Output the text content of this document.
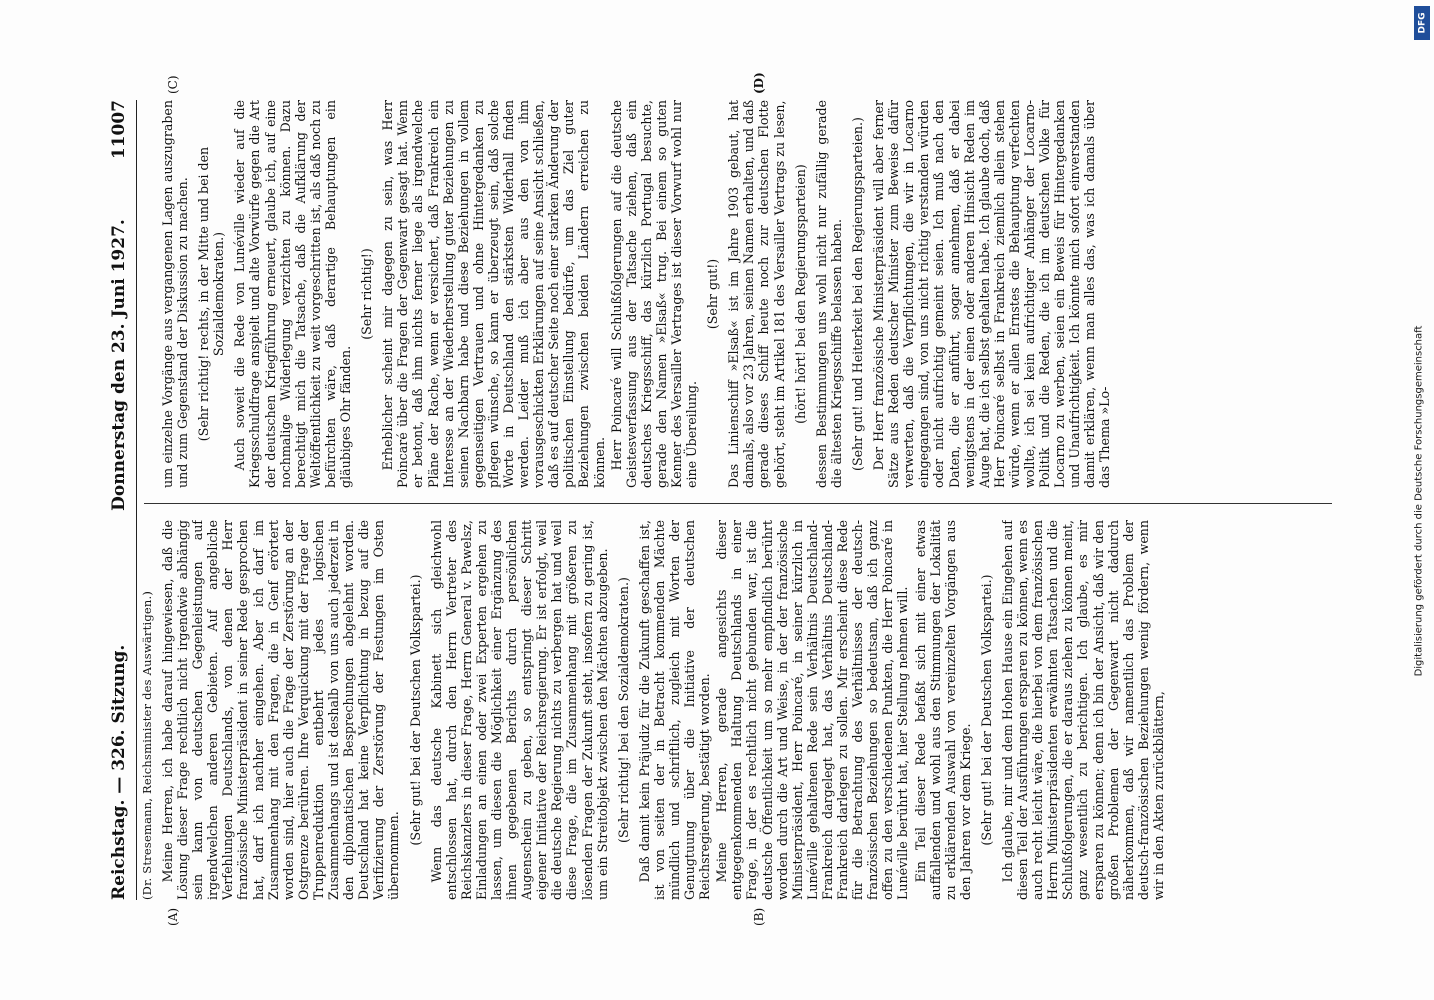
Reichstag. — 326. Sitzung.
Donnerstag den 23. Juni 1927.
11007
(Dr. Stresemann, Reichsminister des Auswärtigen.) Meine Herren, ich habe darauf hingewiesen, daß die Lösung dieser Frage rechtlich nicht irgendwie abhängig sein kann von deutschen Gegenleistungen auf irgendwelchen anderen Gebieten. Auf angebliche Verfehlungen Deutschlands, von denen der Herr französische Ministerpräsident in seiner Rede gesprochen hat, darf ich nachher eingehen. Aber ich darf im Zusammenhang mit den Fragen, die in Genf erörtert worden sind, hier auch die Frage der Zerstörung an der Ostgrenze berühren. Ihre Verquickung mit der Frage der Truppenreduktion entbehrt jedes logischen Zusammenhangs und ist deshalb von uns auch jederzeit in den diplomatischen Besprechungen abgelehnt worden. Deutschland hat keine Verpflichtung in bezug auf die Verifizierung der Zerstörung der Festungen im Osten übernommen.

(Sehr gut! bei der Deutschen Volkspartei.) Wenn das deutsche Kabinett sich gleichwohl entschlossen hat, durch den Herrn Vertreter des Reichskanzlers in dieser Frage, Herrn General v. Pawelsz, Einladungen an einen oder zwei Experten ergehen zu lassen, um diesen die Möglichkeit einer Ergänzung des ihnen gegebenen Berichts durch persönlichen Augenschein zu geben, so entspringt dieser Schritt eigener Initiative der Reichsregierung. Er ist erfolgt, weil die deutsche Regierung nichts zu verbergen hat und weil diese Frage, die im Zusammenhang mit größeren zu lösenden Fragen der Zukunft steht, insofern zu gering ist, um ein Streitobjekt zwischen den Mächten abzugeben. (Sehr richtig! bei den Sozialdemokraten.) Daß damit kein Präjudiz für die Zukunft geschaffen ist, ist von seiten der in Betracht kommenden Mächte mündlich und schriftlich, zugleich mit Worten der Genugtuung über die Initiative der deutschen Reichsregierung, bestätigt worden. Meine Herren, gerade angesichts dieser entgegenkommenden Haltung Deutschlands in einer Frage, in der es rechtlich nicht gebunden war, ist die deutsche Öffentlichkeit um so mehr empfindlich berührt worden durch die Art und Weise, in der der französische Ministerpräsident, Herr Poincaré, in seiner kürzlich in Lunéville gehaltenen Rede sein Verhältnis Deutschland-Frankreich dargelegt hat, das Verhältnis Deutschland-Frankreich darlegen zu sollen. Mir erscheint diese Rede für die Betrachtung des Verhältnisses der deutsch-französischen Beziehungen so bedeutsam, daß ich ganz offen zu den verschiedenen Punkten, die Herr Poincaré in Lunéville berührt hat, hier Stellung nehmen will. Ein Teil dieser Rede befaßt sich mit einer etwas auffallenden und wohl aus den Stimmungen der Lokalität zu erklärenden Auswahl von vereinzelten Vorgängen aus den Jahren vor dem Kriege. (Sehr gut! bei der Deutschen Volkspartei.) Ich glaube, mir und dem Hohen Hause ein Eingehen auf diesen Teil der Ausführungen ersparen zu können, wenn es auch recht leicht wäre, die hierbei von dem französischen Herrn Ministerpräsidenten erwähnten Tatsachen und die Schlußfolgerungen, die er daraus ziehen zu können meint, ganz wesentlich zu berichtigen. Ich glaube, es mir ersparen zu können; denn ich bin der Ansicht, daß wir den großen Problemen der Gegenwart nicht dadurch näherkommen, daß wir namentlich das Problem der deutsch-französischen Beziehungen wenig fördern, wenn wir in den Akten zurückblättern,

um einzelne Vorgänge aus vergangenen Lagen auszugraben und zum Gegenstand der Diskussion zu machen. (Sehr richtig! rechts, in der Mitte und bei den Sozialdemokraten.) Auch soweit die Rede von Lunéville wieder auf die Kriegsschuldfrage anspielt und alte Vorwürfe gegen die Art der deutschen Kriegführung erneuert, glaube ich, auf eine nochmalige Widerlegung verzichten zu können. Dazu berechtigt mich die Tatsache, daß die Aufklärung der Weltöffentlichkeit zu weit vorgeschritten ist, als daß noch zu befürchten wäre, daß derartige Behauptungen ein gläubiges Ohr fänden.

(Sehr richtig!) Erheblicher scheint mir dagegen zu sein, was Herr Poincaré über die Fragen der Gegenwart gesagt hat. Wenn er betont, daß ihm nichts ferner liege als irgendwelche Pläne der Rache, wenn er versichert, daß Frankreich ein Interesse an der Wiederherstellung guter Beziehungen zu seinen Nachbarn habe und diese Beziehungen in vollem gegenseitigen Vertrauen und ohne Hintergedanken zu pflegen wünsche, so kann er überzeugt sein, daß solche Worte in Deutschland den stärksten Widerhall finden werden. Leider muß ich aber aus den von ihm vorausgeschickten Erklärungen auf seine Ansicht schließen, daß es auf deutscher Seite noch einer starken Änderung der politischen Einstellung bedürfe, um das Ziel guter Beziehungen zwischen beiden Ländern erreichen zu können. Herr Poincaré will Schlußfolgerungen auf die deutsche Geistesverfassung aus der Tatsache ziehen, daß ein deutsches Kriegsschiff, das kürzlich Portugal besuchte, gerade den Namen »Elsaß« trug. Bei einem so guten Kenner des Versailler Vertrages ist dieser Vorwurf wohl nur eine Übereilung.

(Sehr gut!) Das Linienschiff »Elsaß« ist im Jahre 1903 gebaut, hat damals, also vor 23 Jahren, seinen Namen erhalten, und daß gerade dieses Schiff heute noch zur deutschen Flotte gehört, steht im Artikel 181 des Versailler Vertrags zu lesen, (hört! hört! bei den Regierungsparteien) dessen Bestimmungen uns wohl nicht nur zufällig gerade die ältesten Kriegsschiffe belassen haben. (Sehr gut! und Heiterkeit bei den Regierungsparteien.) Der Herr französische Ministerpräsident will aber ferner Sätze aus Reden deutscher Minister zum Beweise dafür verwerten, daß die Verpflichtungen, die wir in Locarno eingegangen sind, von uns nicht richtig verstanden würden oder nicht aufrichtig gemeint seien. Ich muß nach den Daten, die er anführt, sogar annehmen, daß er dabei wenigstens in der einen oder anderen Hinsicht Reden im Auge hat, die ich selbst gehalten habe. Ich glaube doch, daß Herr Poincaré selbst in Frankreich ziemlich allein stehen würde, wenn er allen Ernstes die Behauptung verfechten wollte, ich sei kein aufrichtiger Anhänger der Locarno-Politik und die Reden, die ich im deutschen Volke für Locarno zu werben, seien ein Beweis für Hintergedanken und Unaufrichtigkeit. Ich könnte mich sofort einverstanden damit erklären, wenn man alles das, was ich damals über das Thema »Lo-

(A)	(B)
(C)	(D)
Digitalisierung gefördert durch die Deutsche Forschungsgemeinschaft
DFG
